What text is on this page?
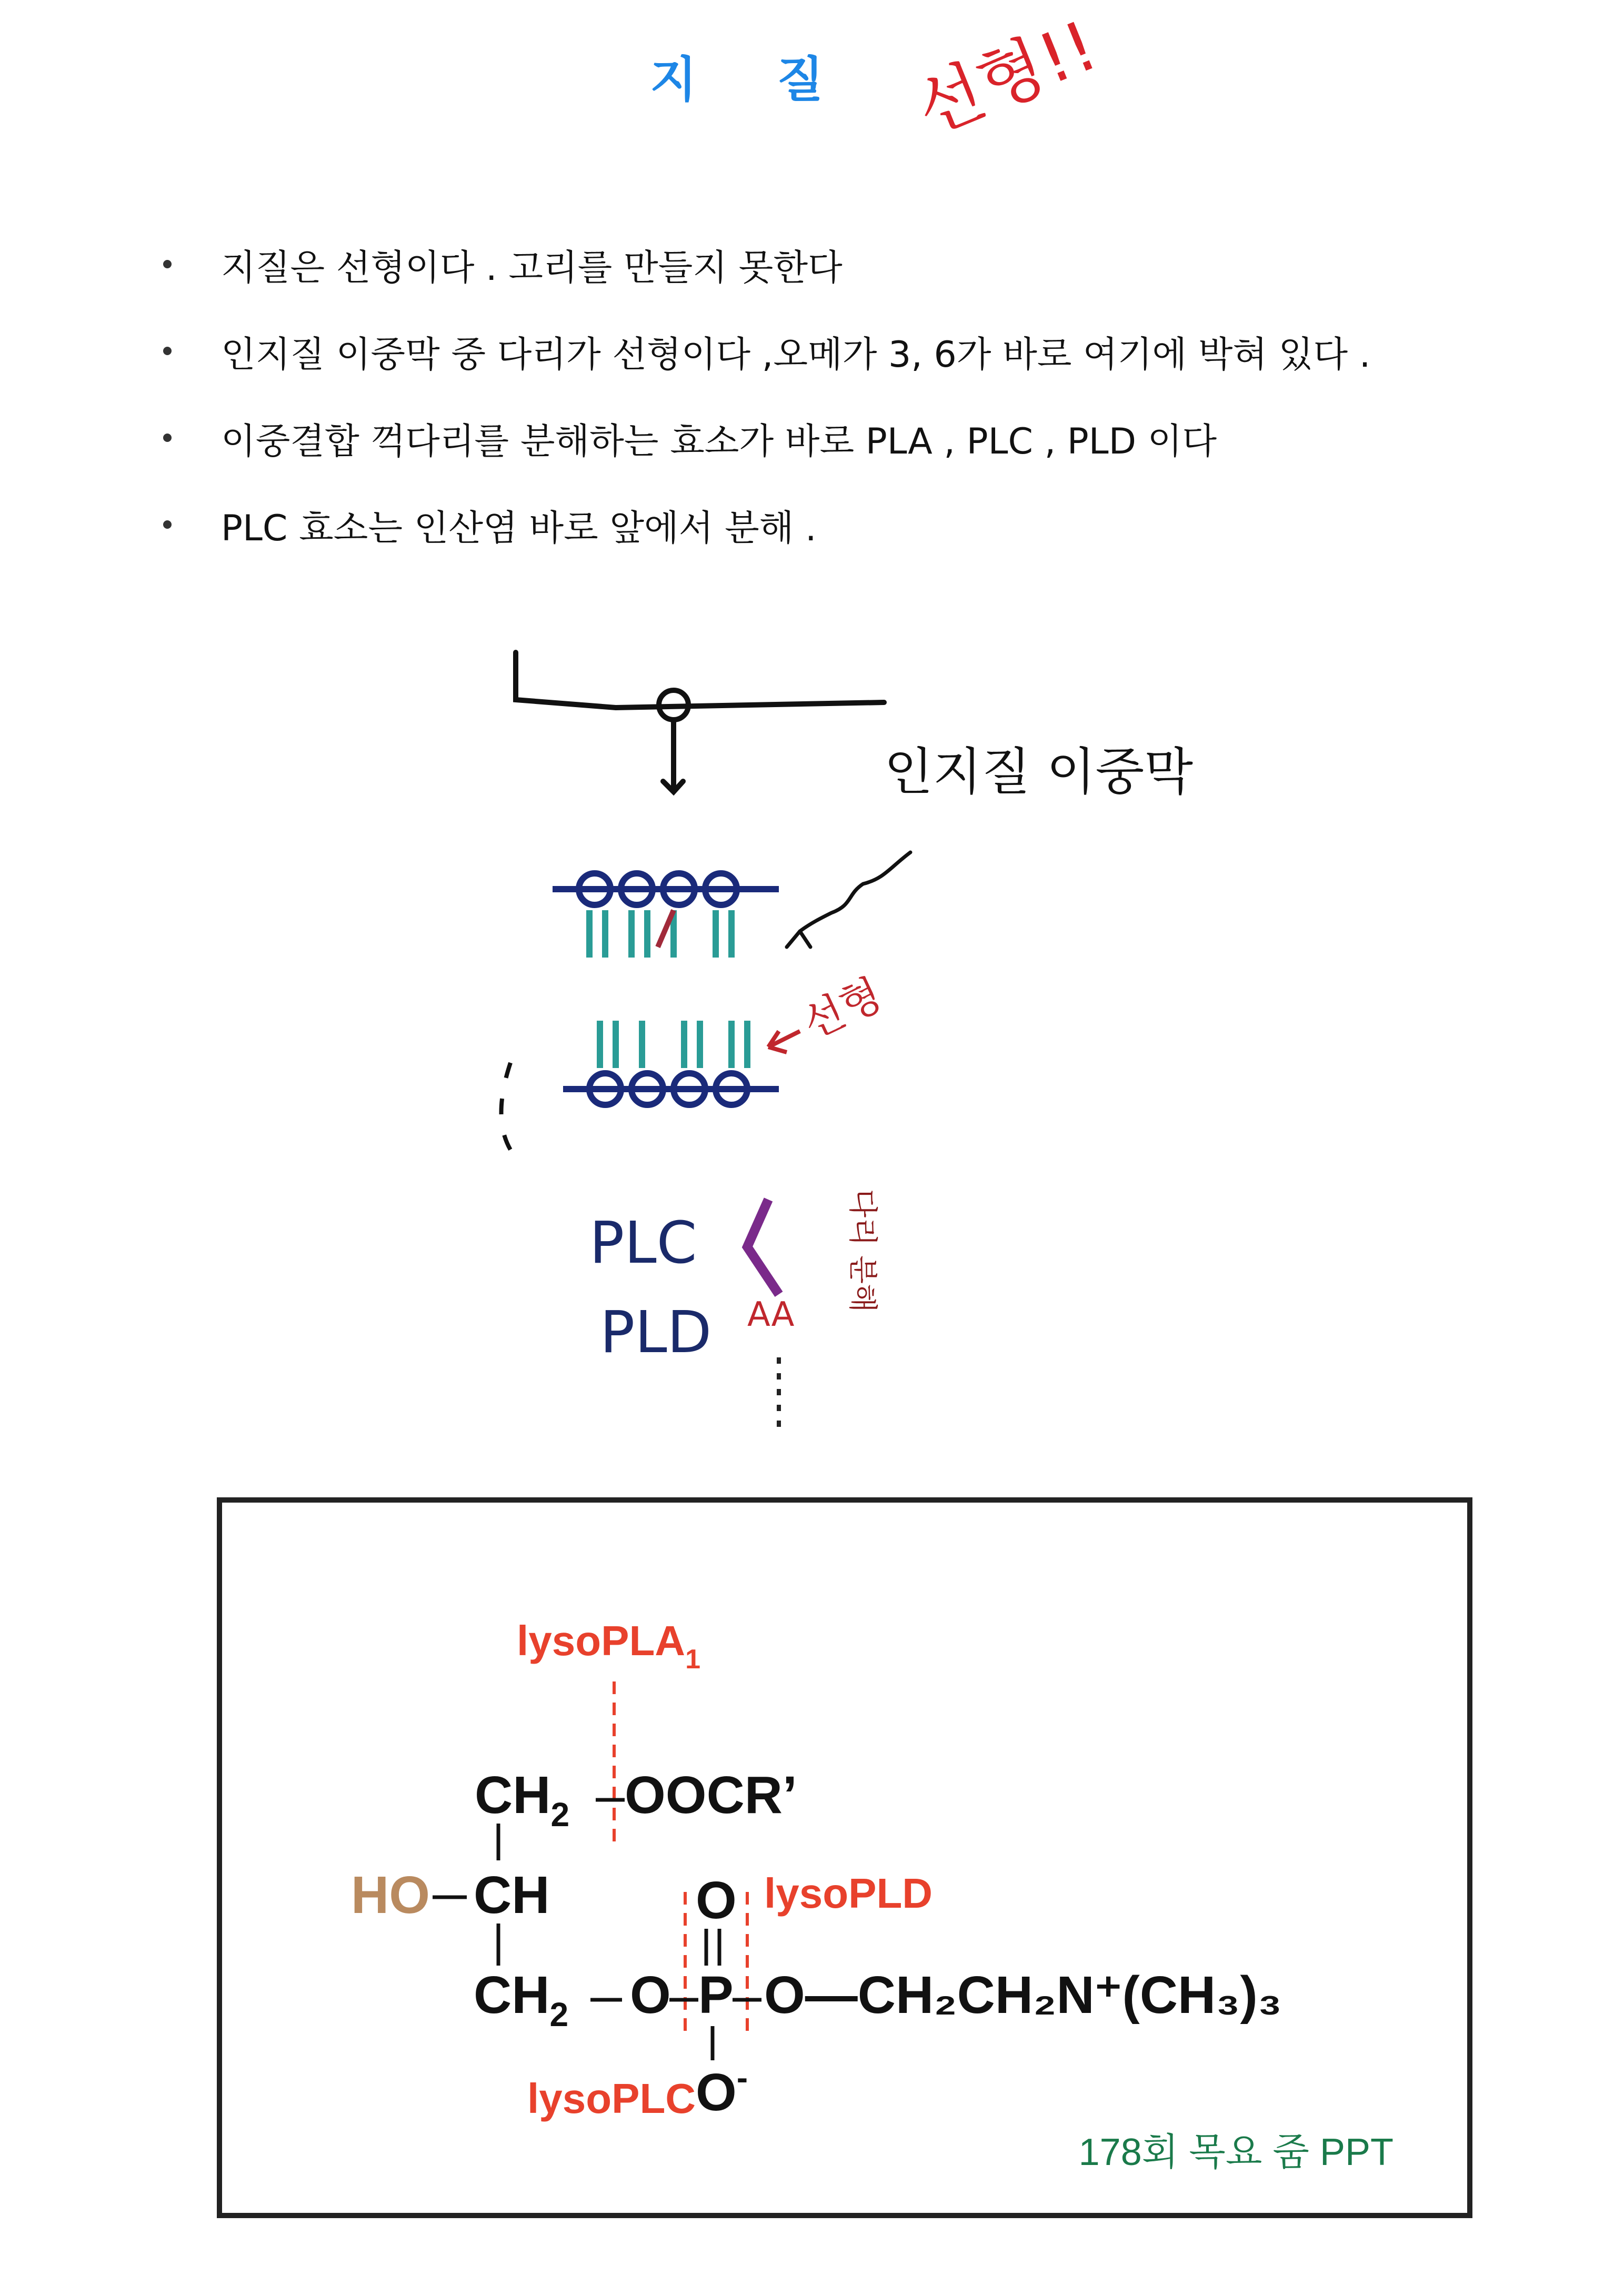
지 질 선형!!
지질은 선형이다 . 고리를 만들지 못한다
인지질 이중막 중 다리가 선형이다 ,오메가 3, 6가 바로 여기에 박혀 있다 .
이중결합 꺽다리를 분해하는 효소가 바로 PLA , PLC , PLD 이다
PLC 효소는 인산염 바로 앞에서 분해 .
인지질 이중막
선형
PLC
PLD AA
다리 분해
lysoPLA$_1$
$CH_2$ OOCR’
HO CH	O lysoPLD
$CH_2$ O P O—CH₂CH₂N⁺(CH₃)₃
lysoPLC O-
178회 목요 줌 PPT
